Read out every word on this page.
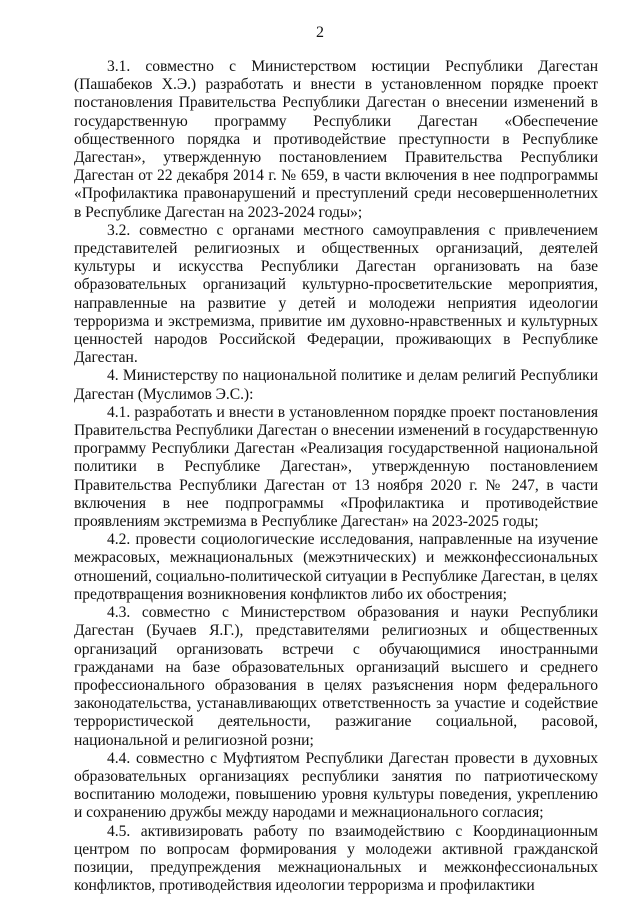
2

3.1. совместно с Министерством юстиции Республики Дагестан (Пашабеков Х.Э.) разработать и внести в установленном порядке проект постановления Правительства Республики Дагестан о внесении изменений в государственную программу Республики Дагестан «Обеспечение общественного порядка и противодействие преступности в Республике Дагестан», утвержденную постановлением Правительства Республики Дагестан от 22 декабря 2014 г. № 659, в части включения в нее подпрограммы «Профилактика правонарушений и преступлений среди несовершеннолетних в Республике Дагестан на 2023-2024 годы»;

3.2. совместно с органами местного самоуправления с привлечением представителей религиозных и общественных организаций, деятелей культуры и искусства Республики Дагестан организовать на базе образовательных организаций культурно-просветительские мероприятия, направленные на развитие у детей и молодежи неприятия идеологии терроризма и экстремизма, привитие им духовно-нравственных и культурных ценностей народов Российской Федерации, проживающих в Республике Дагестан.

4. Министерству по национальной политике и делам религий Республики Дагестан (Муслимов Э.С.):

4.1. разработать и внести в установленном порядке проект постановления Правительства Республики Дагестан о внесении изменений в государственную программу Республики Дагестан «Реализация государственной национальной политики в Республике Дагестан», утвержденную постановлением Правительства Республики Дагестан от 13 ноября 2020 г. № 247, в части включения в нее подпрограммы «Профилактика и противодействие проявлениям экстремизма в Республике Дагестан» на 2023-2025 годы;

4.2. провести социологические исследования, направленные на изучение межрасовых, межнациональных (межэтнических) и межконфессиональных отношений, социально-политической ситуации в Республике Дагестан, в целях предотвращения возникновения конфликтов либо их обострения;

4.3. совместно с Министерством образования и науки Республики Дагестан (Бучаев Я.Г.), представителями религиозных и общественных организаций организовать встречи с обучающимися иностранными гражданами на базе образовательных организаций высшего и среднего профессионального образования в целях разъяснения норм федерального законодательства, устанавливающих ответственность за участие и содействие террористической деятельности, разжигание социальной, расовой, национальной и религиозной розни;

4.4. совместно с Муфтиятом Республики Дагестан провести в духовных образовательных организациях республики занятия по патриотическому воспитанию молодежи, повышению уровня культуры поведения, укреплению и сохранению дружбы между народами и межнационального согласия;

4.5. активизировать работу по взаимодействию с Координационным центром по вопросам формирования у молодежи активной гражданской позиции, предупреждения межнациональных и межконфессиональных конфликтов, противодействия идеологии терроризма и профилактики
